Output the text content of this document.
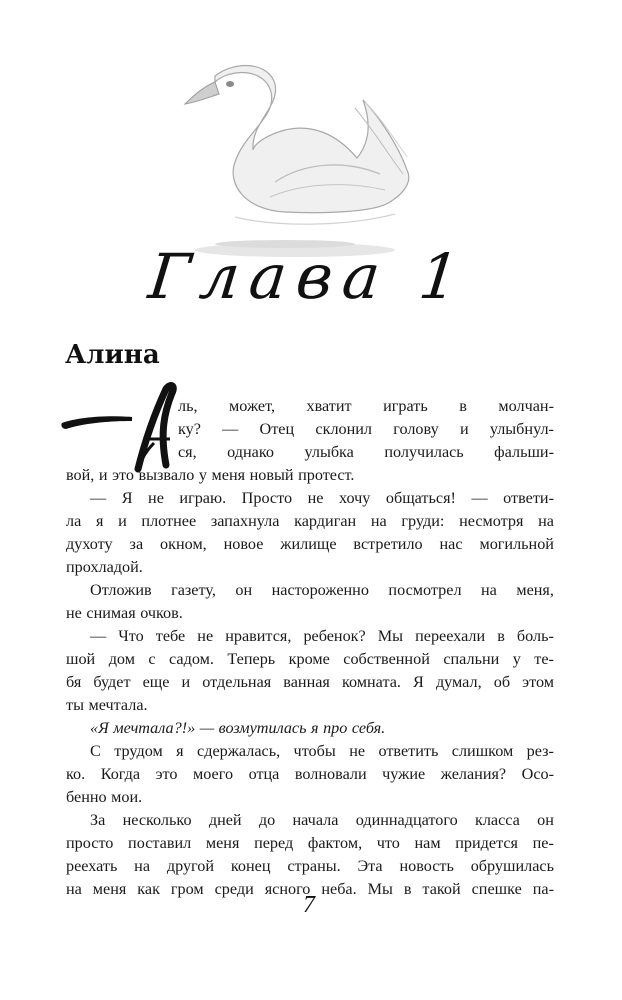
Глава 1
Алина
А
ль, может, хватит играть в молчан-
ку? — Отец склонил голову и улыбнул-
ся, однако улыбка получилась фальши-
вой, и это вызвало у меня новый протест.
— Я не играю. Просто не хочу общаться! — ответи-
ла я и плотнее запахнула кардиган на груди: несмотря на
духоту за окном, новое жилище встретило нас могильной
прохладой.
Отложив газету, он настороженно посмотрел на меня,
не снимая очков.
— Что тебе не нравится, ребенок? Мы переехали в боль-
шой дом с садом. Теперь кроме собственной спальни у те-
бя будет еще и отдельная ванная комната. Я думал, об этом
ты мечтала.
«Я мечтала?!» — возмутилась я про себя.
С трудом я сдержалась, чтобы не ответить слишком рез-
ко. Когда это моего отца волновали чужие желания? Осо-
бенно мои.
За несколько дней до начала одиннадцатого класса он
просто поставил меня перед фактом, что нам придется пе-
реехать на другой конец страны. Эта новость обрушилась
на меня как гром среди ясного неба. Мы в такой спешке па-
7
